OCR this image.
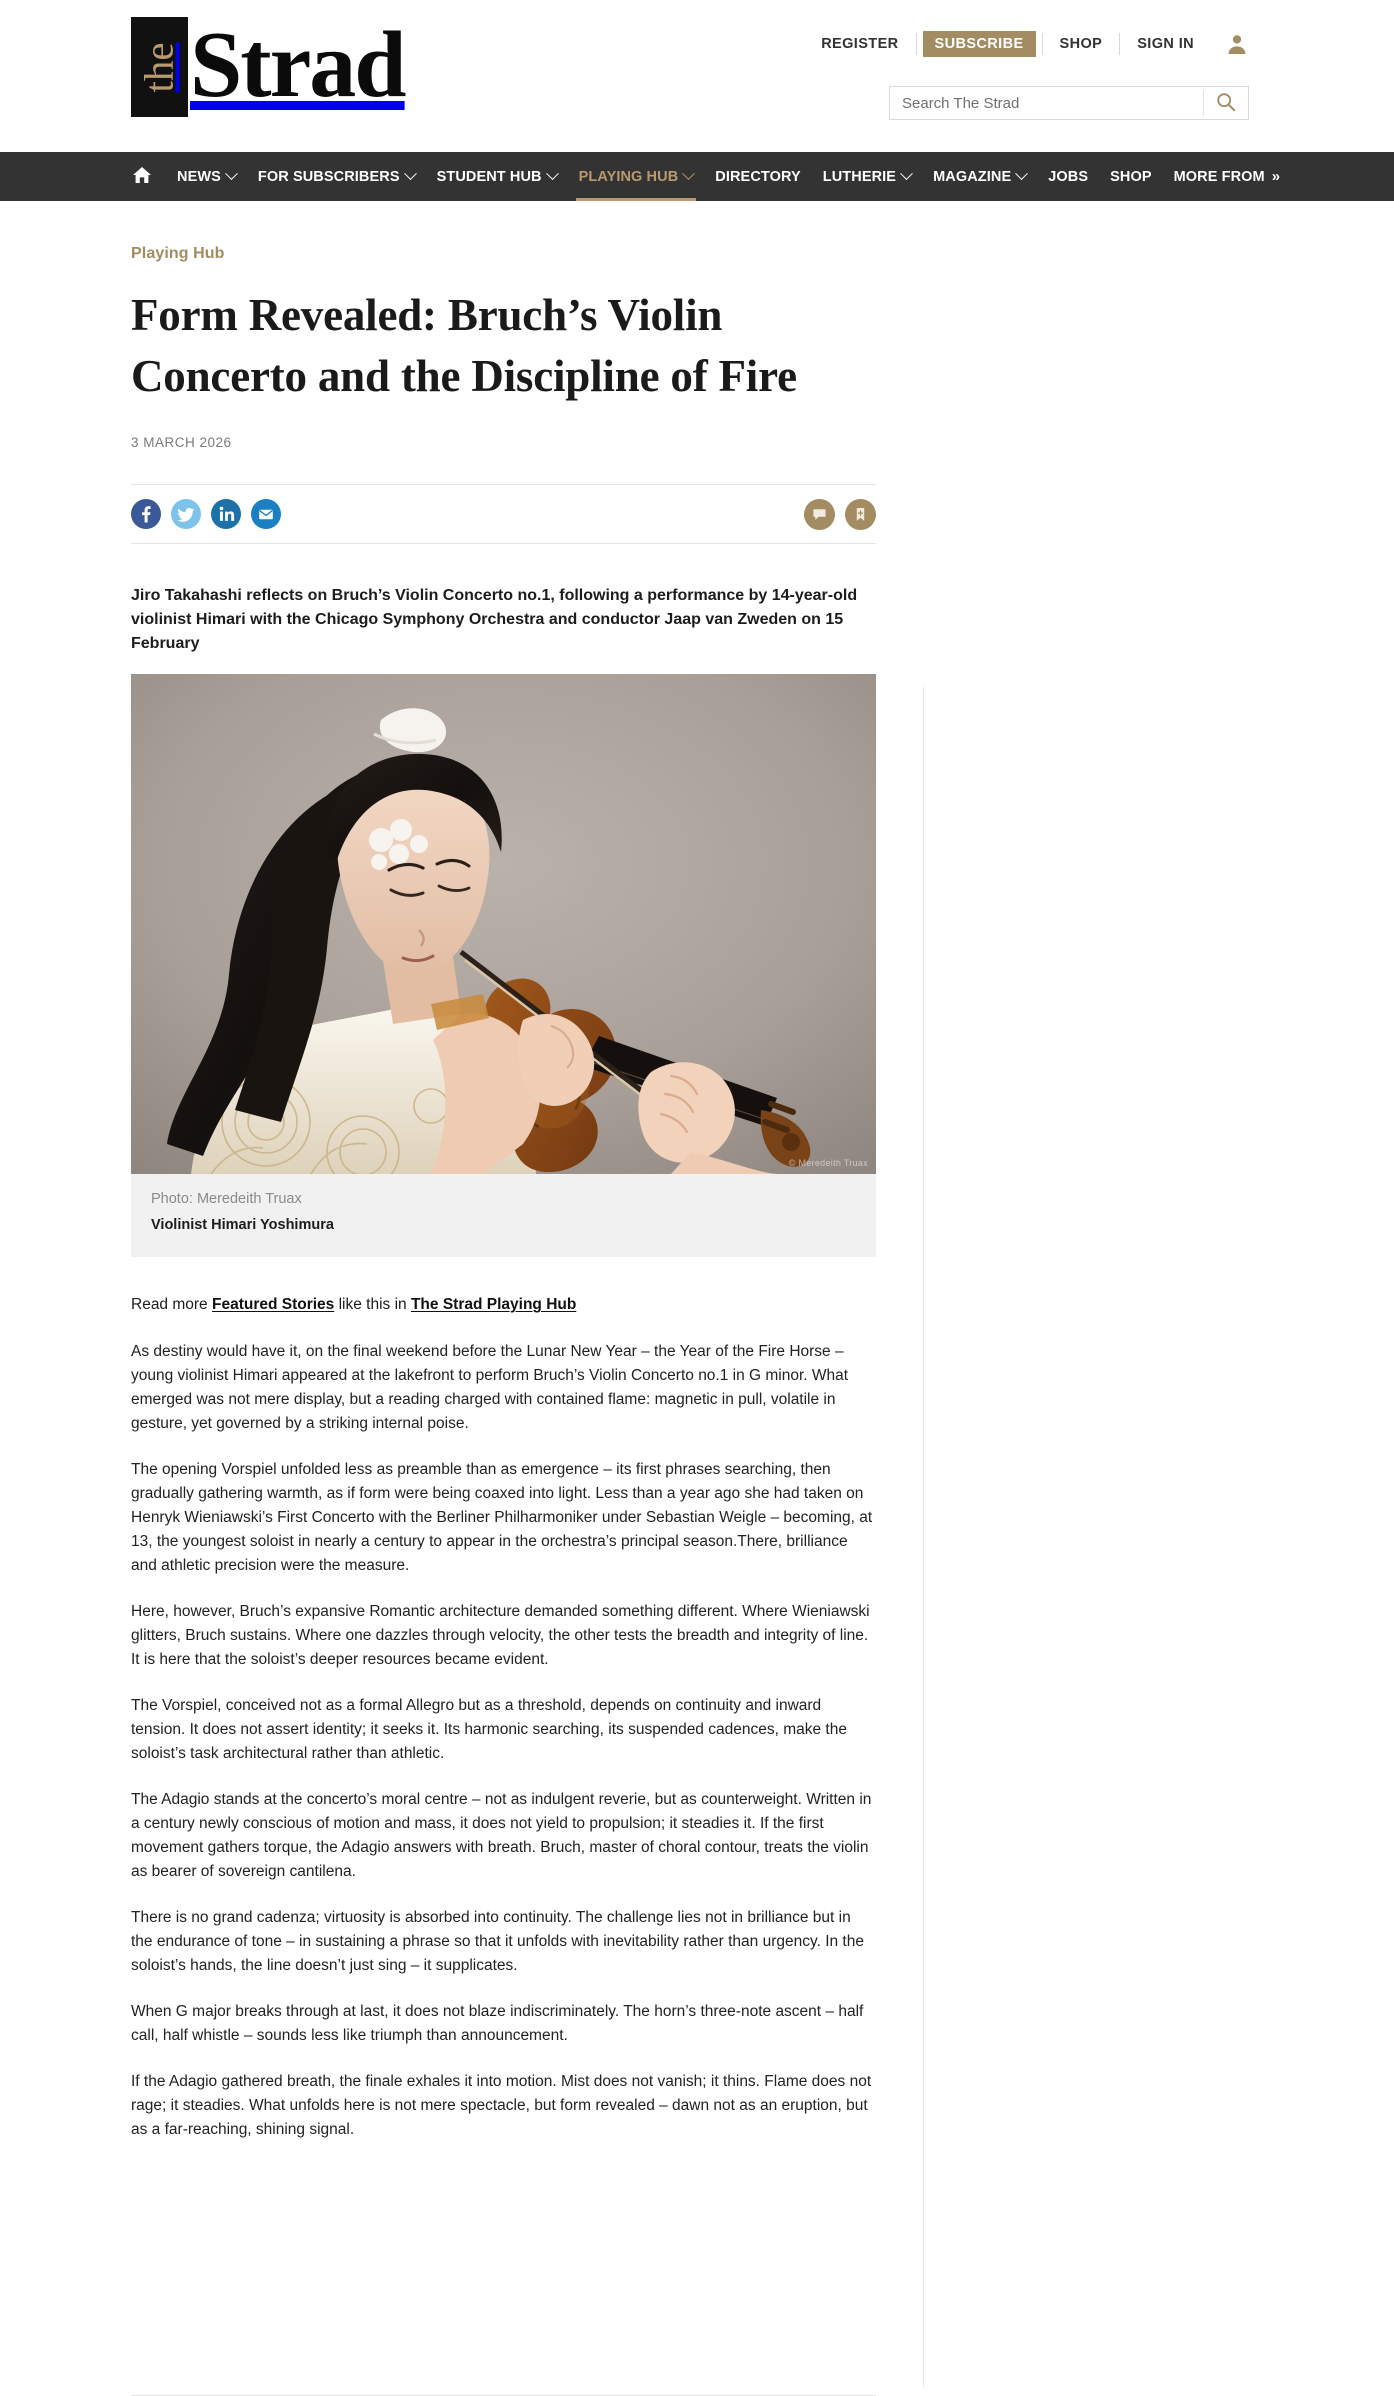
the Strad	REGISTER	SUBSCRIBE	SHOP	SIGN IN
Search The Strad
NEWS	FOR SUBSCRIBERS	STUDENT HUB	PLAYING HUB	DIRECTORY LUTHERIE	MAGAZINE	JOBS SHOP MORE FROM »
Playing Hub
Form Revealed: Bruch’s Violin Concerto and the Discipline of Fire
3 MARCH 2026

Jiro Takahashi reflects on Bruch’s Violin Concerto no.1, following a performance by 14-year-old violinist Himari with the Chicago Symphony Orchestra and conductor Jaap van Zweden on 15 February

© Meredeith Truax
Photo: Meredeith Truax
Violinist Himari Yoshimura

Read more Featured Stories like this in The Strad Playing Hub

As destiny would have it, on the final weekend before the Lunar New Year – the Year of the Fire Horse – young violinist Himari appeared at the lakefront to perform Bruch’s Violin Concerto no.1 in G minor. What emerged was not mere display, but a reading charged with contained flame: magnetic in pull, volatile in gesture, yet governed by a striking internal poise.

The opening Vorspiel unfolded less as preamble than as emergence – its first phrases searching, then gradually gathering warmth, as if form were being coaxed into light. Less than a year ago she had taken on Henryk Wieniawski’s First Concerto with the Berliner Philharmoniker under Sebastian Weigle – becoming, at 13, the youngest soloist in nearly a century to appear in the orchestra’s principal season.There, brilliance and athletic precision were the measure.

Here, however, Bruch’s expansive Romantic architecture demanded something different. Where Wieniawski glitters, Bruch sustains. Where one dazzles through velocity, the other tests the breadth and integrity of line. It is here that the soloist’s deeper resources became evident.

The Vorspiel, conceived not as a formal Allegro but as a threshold, depends on continuity and inward tension. It does not assert identity; it seeks it. Its harmonic searching, its suspended cadences, make the soloist’s task architectural rather than athletic.

The Adagio stands at the concerto’s moral centre – not as indulgent reverie, but as counterweight. Written in a century newly conscious of motion and mass, it does not yield to propulsion; it steadies it. If the first movement gathers torque, the Adagio answers with breath. Bruch, master of choral contour, treats the violin as bearer of sovereign cantilena.

There is no grand cadenza; virtuosity is absorbed into continuity. The challenge lies not in brilliance but in the endurance of tone – in sustaining a phrase so that it unfolds with inevitability rather than urgency. In the soloist’s hands, the line doesn’t just sing – it supplicates.

When G major breaks through at last, it does not blaze indiscriminately. The horn’s three-note ascent – half call, half whistle – sounds less like triumph than announcement.

If the Adagio gathered breath, the finale exhales it into motion. Mist does not vanish; it thins. Flame does not rage; it steadies. What unfolds here is not mere spectacle, but form revealed – dawn not as an eruption, but as a far-reaching, shining signal.
